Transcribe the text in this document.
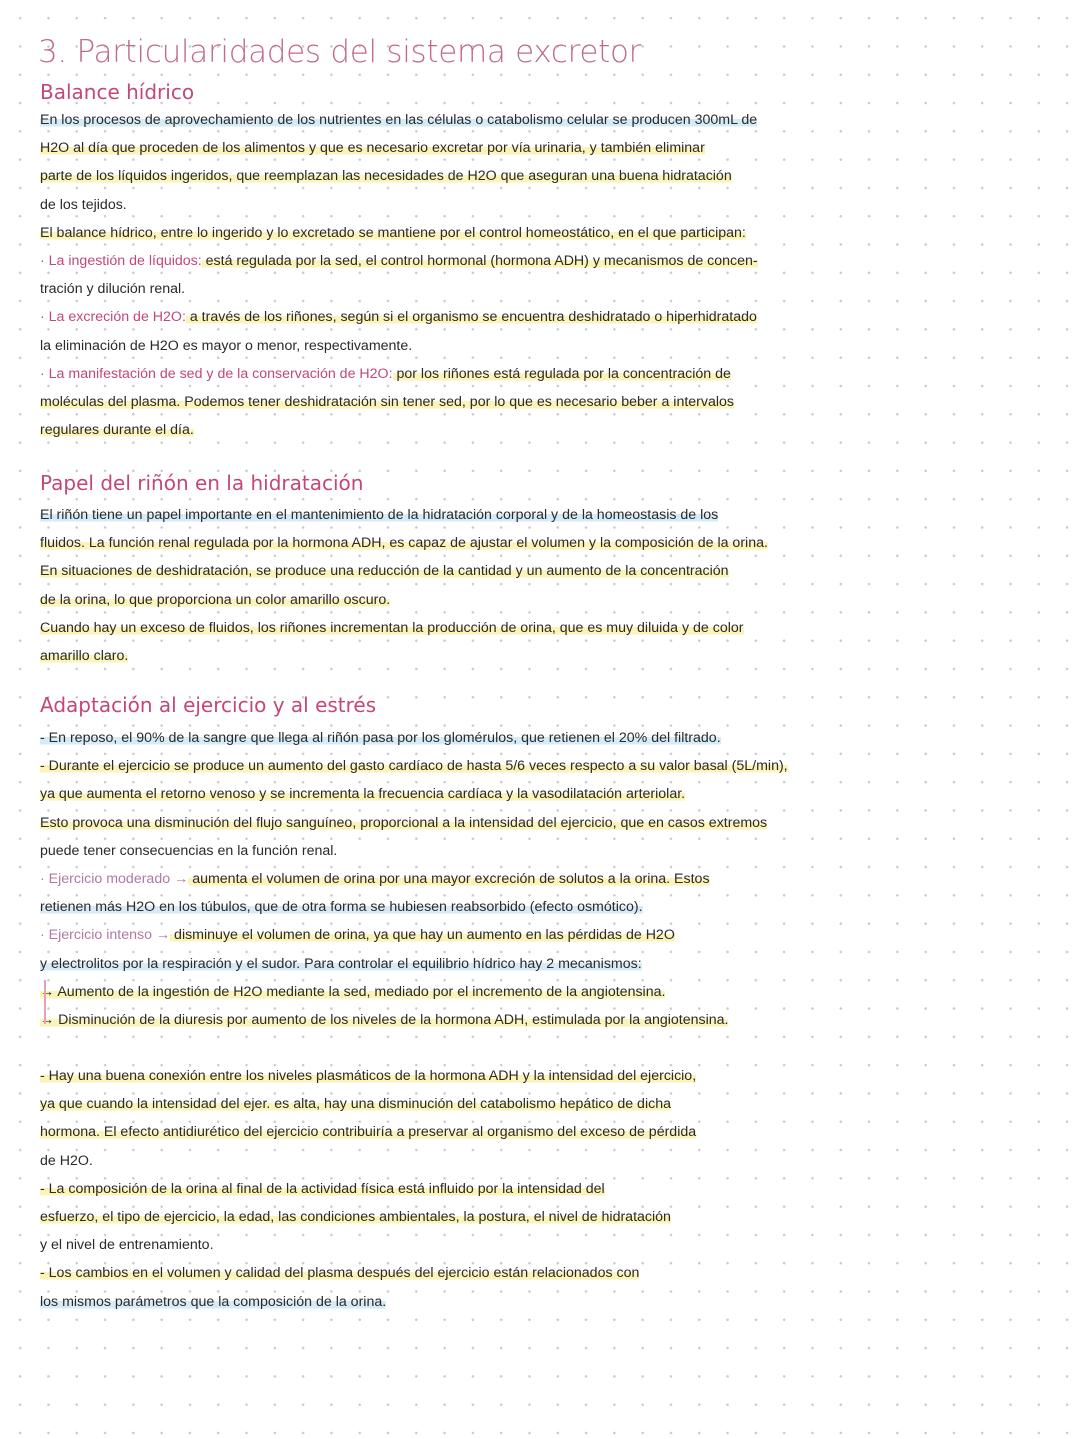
3. Particularidades del sistema excretor
Balance hídrico
En los procesos de aprovechamiento de los nutrientes en las células o catabolismo celular se producen 300mL de
H2O al día que proceden de los alimentos y que es necesario excretar por vía urinaria, y también eliminar
parte de los líquidos ingeridos, que reemplazan las necesidades de H2O que aseguran una buena hidratación
de los tejidos.
El balance hídrico, entre lo ingerido y lo excretado se mantiene por el control homeostático, en el que participan:
· La ingestión de líquidos: está regulada por la sed, el control hormonal (hormona ADH) y mecanismos de concen-
tración y dilución renal.
· La excreción de H2O: a través de los riñones, según si el organismo se encuentra deshidratado o hiperhidratado
la eliminación de H2O es mayor o menor, respectivamente.
· La manifestación de sed y de la conservación de H2O: por los riñones está regulada por la concentración de
moléculas del plasma. Podemos tener deshidratación sin tener sed, por lo que es necesario beber a intervalos
regulares durante el día.
Papel del riñón en la hidratación
El riñón tiene un papel importante en el mantenimiento de la hidratación corporal y de la homeostasis de los
fluidos. La función renal regulada por la hormona ADH, es capaz de ajustar el volumen y la composición de la orina.
En situaciones de deshidratación, se produce una reducción de la cantidad y un aumento de la concentración
de la orina, lo que proporciona un color amarillo oscuro.
Cuando hay un exceso de fluidos, los riñones incrementan la producción de orina, que es muy diluida y de color
amarillo claro.
Adaptación al ejercicio y al estrés
- En reposo, el 90% de la sangre que llega al riñón pasa por los glomérulos, que retienen el 20% del filtrado.
- Durante el ejercicio se produce un aumento del gasto cardíaco de hasta 5/6 veces respecto a su valor basal (5L/min),
ya que aumenta el retorno venoso y se incrementa la frecuencia cardíaca y la vasodilatación arteriolar.
Esto provoca una disminución del flujo sanguíneo, proporcional a la intensidad del ejercicio, que en casos extremos
puede tener consecuencias en la función renal.
· Ejercicio moderado → aumenta el volumen de orina por una mayor excreción de solutos a la orina. Estos
retienen más H2O en los túbulos, que de otra forma se hubiesen reabsorbido (efecto osmótico).
· Ejercicio intenso → disminuye el volumen de orina, ya que hay un aumento en las pérdidas de H2O
y electrolitos por la respiración y el sudor. Para controlar el equilibrio hídrico hay 2 mecanismos:
→ Aumento de la ingestión de H2O mediante la sed, mediado por el incremento de la angiotensina.
→ Disminución de la diuresis por aumento de los niveles de la hormona ADH, estimulada por la angiotensina.
- Hay una buena conexión entre los niveles plasmáticos de la hormona ADH y la intensidad del ejercicio,
ya que cuando la intensidad del ejer. es alta, hay una disminución del catabolismo hepático de dicha
hormona. El efecto antidiurético del ejercicio contribuiría a preservar al organismo del exceso de pérdida
de H2O.
- La composición de la orina al final de la actividad física está influido por la intensidad del
esfuerzo, el tipo de ejercicio, la edad, las condiciones ambientales, la postura, el nivel de hidratación
y el nivel de entrenamiento.
- Los cambios en el volumen y calidad del plasma después del ejercicio están relacionados con
los mismos parámetros que la composición de la orina.
